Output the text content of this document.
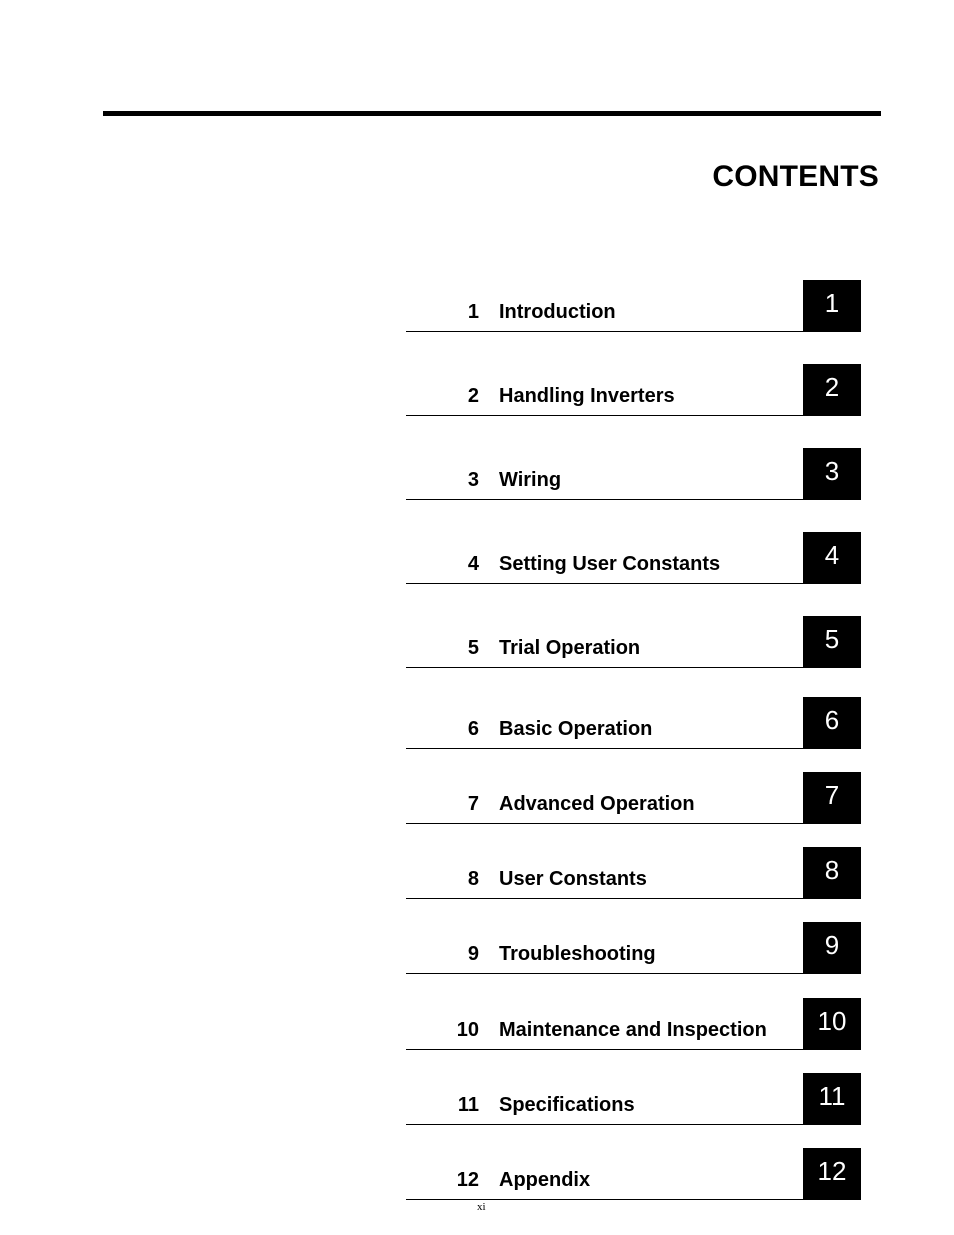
CONTENTS
1 Introduction	1
2 Handling Inverters	2
3 Wiring	3
4 Setting User Constants	4
5 Trial Operation	5
6 Basic Operation	6
7 Advanced Operation	7
8 User Constants	8
9 Troubleshooting	9
10 Maintenance and Inspection	10
11 Specifications	11
12 Appendix	12
xi
